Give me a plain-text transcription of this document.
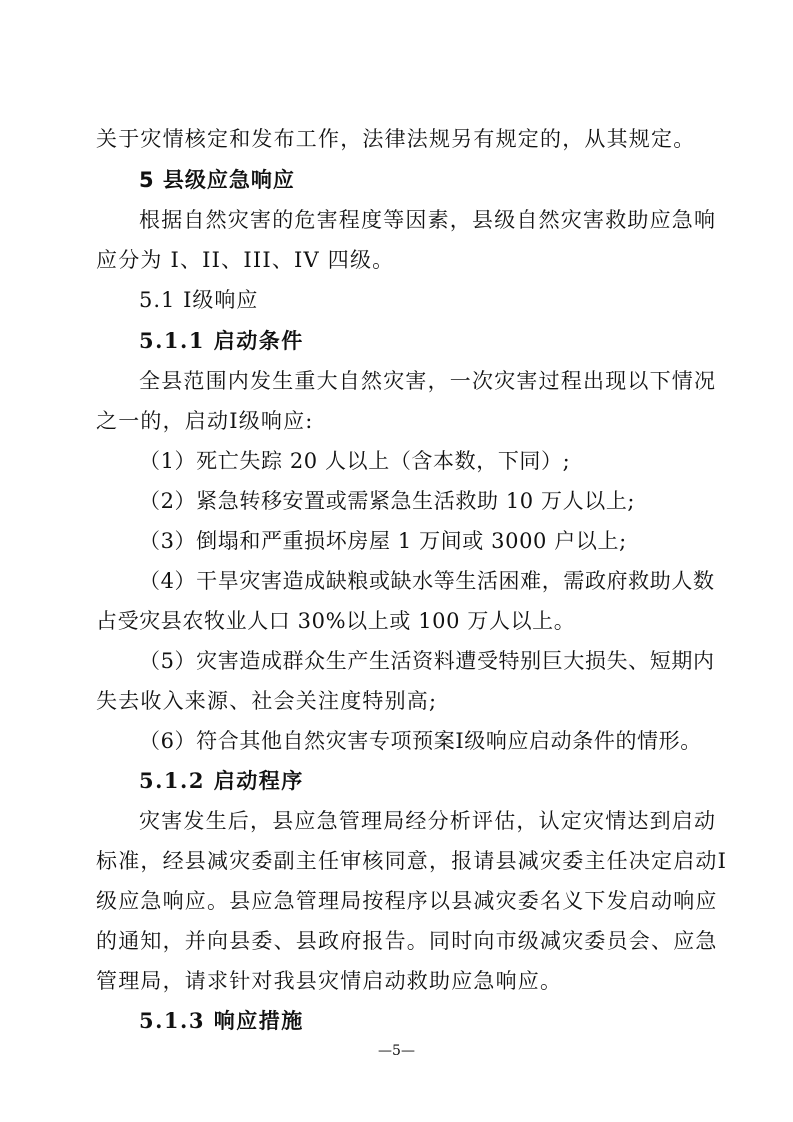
关于灾情核定和发布工作，法律法规另有规定的，从其规定。
5 县级应急响应
根据自然灾害的危害程度等因素，县级自然灾害救助应急响
应分为 I、II、III、IV 四级。
5.1 Ⅰ级响应
5.1.1 启动条件
全县范围内发生重大自然灾害，一次灾害过程出现以下情况
之一的，启动Ⅰ级响应:
（1）死亡失踪 20 人以上（含本数，下同）;
（2）紧急转移安置或需紧急生活救助 10 万人以上;
（3）倒塌和严重损坏房屋 1 万间或 3000 户以上;
（4）干旱灾害造成缺粮或缺水等生活困难，需政府救助人数
占受灾县农牧业人口 30%以上或 100 万人以上。
（5）灾害造成群众生产生活资料遭受特别巨大损失、短期内
失去收入来源、社会关注度特别高;
（6）符合其他自然灾害专项预案Ⅰ级响应启动条件的情形。
5.1.2 启动程序
灾害发生后，县应急管理局经分析评估，认定灾情达到启动
标准，经县减灾委副主任审核同意，报请县减灾委主任决定启动Ⅰ
级应急响应。县应急管理局按程序以县减灾委名义下发启动响应
的通知，并向县委、县政府报告。同时向市级减灾委员会、应急
管理局，请求针对我县灾情启动救助应急响应。
5.1.3 响应措施
—5—
